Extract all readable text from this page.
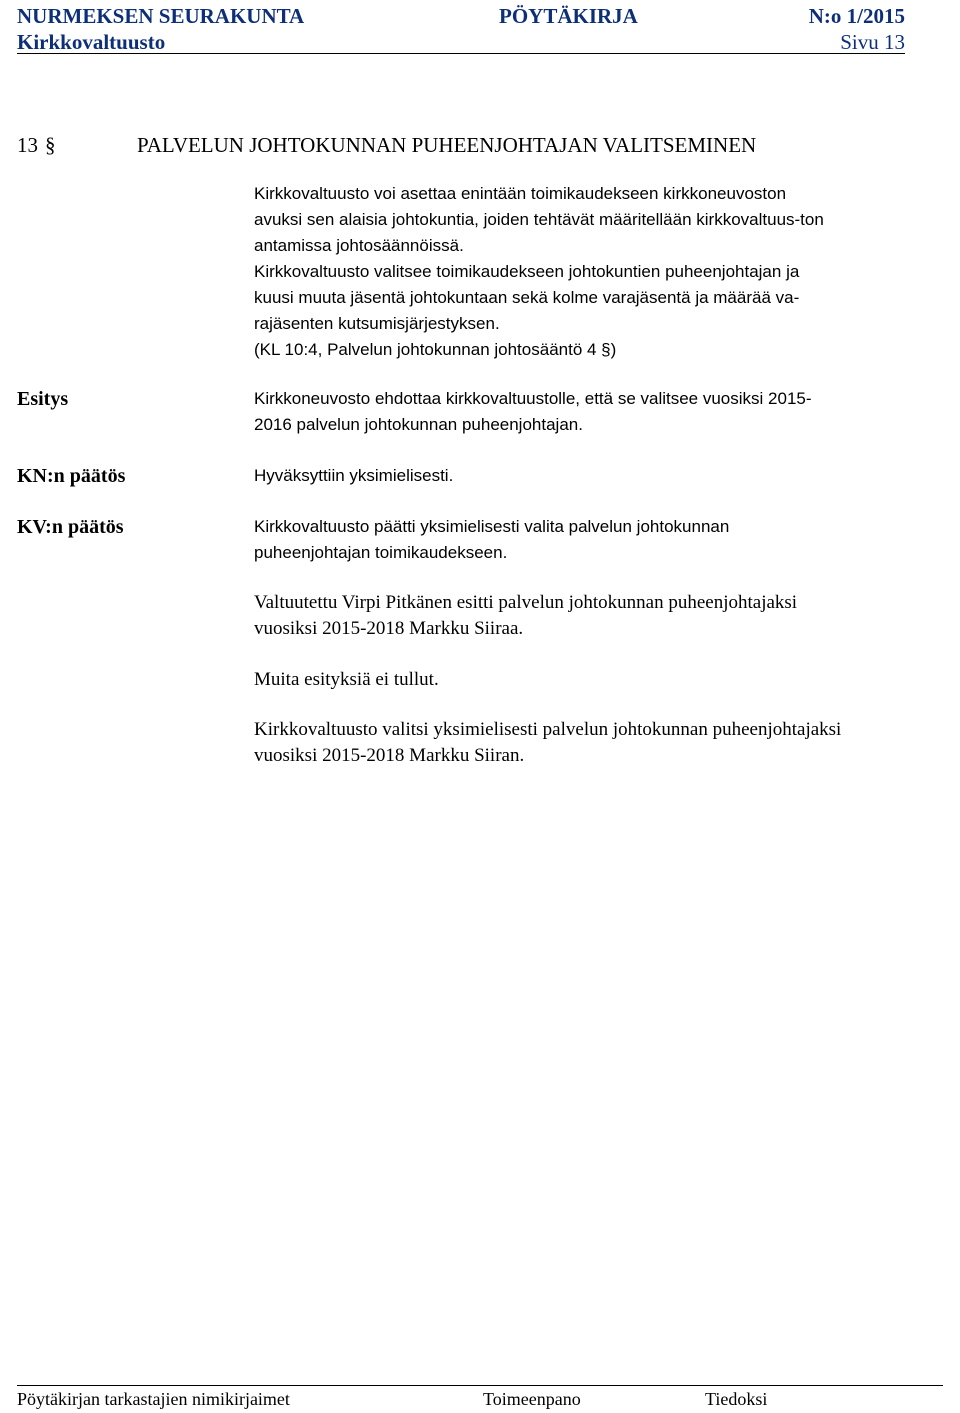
NURMEKSEN SEURAKUNTA	PÖYTÄKIRJA	N:o 1/2015
Kirkkovaltuusto	Sivu 13
13 §	PALVELUN JOHTOKUNNAN PUHEENJOHTAJAN VALITSEMINEN
Kirkkovaltuusto voi asettaa enintään toimikaudekseen kirkkoneuvoston
avuksi sen alaisia johtokuntia, joiden tehtävät määritellään kirkkovaltuus-ton
antamissa johtosäännöissä.
Kirkkovaltuusto valitsee toimikaudekseen johtokuntien puheenjohtajan ja
kuusi muuta jäsentä johtokuntaan sekä kolme varajäsentä ja määrää va-
rajäsenten kutsumisjärjestyksen.
(KL 10:4, Palvelun johtokunnan johtosääntö 4 §)
Esitys	Kirkkoneuvosto ehdottaa kirkkovaltuustolle, että se valitsee vuosiksi 2015-
2016 palvelun johtokunnan puheenjohtajan.
KN:n päätös	Hyväksyttiin yksimielisesti.
KV:n päätös	Kirkkovaltuusto päätti yksimielisesti valita palvelun johtokunnan
puheenjohtajan toimikaudekseen.
Valtuutettu Virpi Pitkänen esitti palvelun johtokunnan puheenjohtajaksi
vuosiksi 2015-2018 Markku Siiraa.
Muita esityksiä ei tullut.
Kirkkovaltuusto valitsi yksimielisesti palvelun johtokunnan puheenjohtajaksi
vuosiksi 2015-2018 Markku Siiran.
Pöytäkirjan tarkastajien nimikirjaimet	Toimeenpano	Tiedoksi
